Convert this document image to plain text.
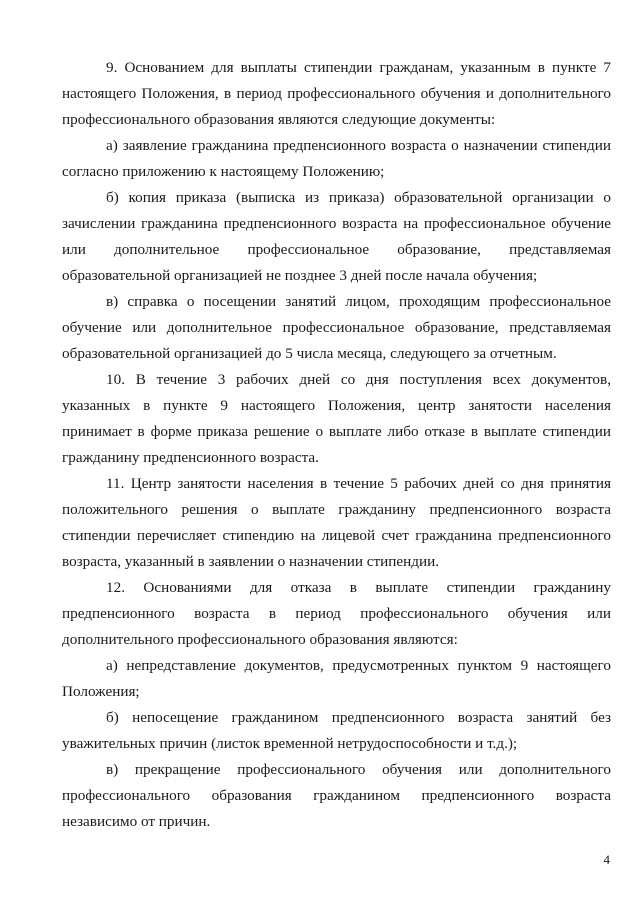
9. Основанием для выплаты стипендии гражданам, указанным в пункте 7 настоящего Положения, в период профессионального обучения и дополнительного профессионального образования являются следующие документы:

а) заявление гражданина предпенсионного возраста о назначении стипендии согласно приложению к настоящему Положению;

б) копия приказа (выписка из приказа) образовательной организации о зачислении гражданина предпенсионного возраста на профессиональное обучение или дополнительное профессиональное образование, представляемая образовательной организацией не позднее 3 дней после начала обучения;

в) справка о посещении занятий лицом, проходящим профессиональное обучение или дополнительное профессиональное образование, представляемая образовательной организацией до 5 числа месяца, следующего за отчетным.

10. В течение 3 рабочих дней со дня поступления всех документов, указанных в пункте 9 настоящего Положения, центр занятости населения принимает в форме приказа решение о выплате либо отказе в выплате стипендии гражданину предпенсионного возраста.

11. Центр занятости населения в течение 5 рабочих дней со дня принятия положительного решения о выплате гражданину предпенсионного возраста стипендии перечисляет стипендию на лицевой счет гражданина предпенсионного возраста, указанный в заявлении о назначении стипендии.

12. Основаниями для отказа в выплате стипендии гражданину предпенсионного возраста в период профессионального обучения или дополнительного профессионального образования являются:

а) непредставление документов, предусмотренных пунктом 9 настоящего Положения;

б) непосещение гражданином предпенсионного возраста занятий без уважительных причин (листок временной нетрудоспособности и т.д.);

в) прекращение профессионального обучения или дополнительного профессионального образования гражданином предпенсионного возраста независимо от причин.

4
